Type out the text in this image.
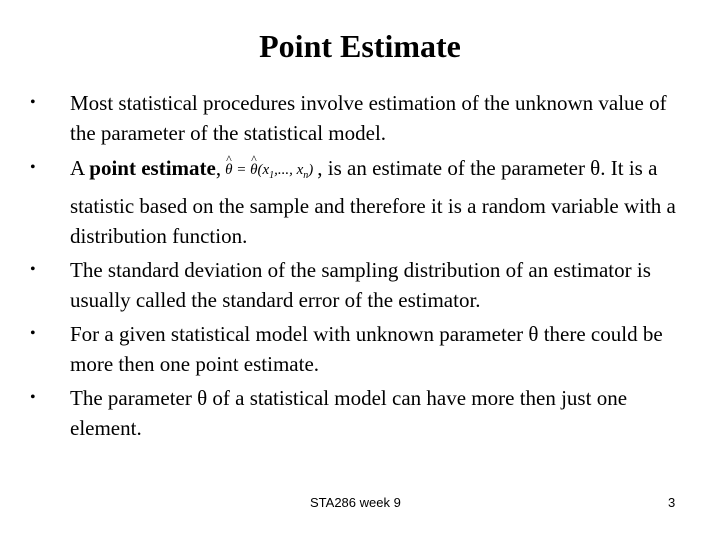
Point Estimate
• Most statistical procedures involve estimation of the unknown value of the parameter of the statistical model.
• A point estimate,^ θ = ^ $\theta(x_1$,..., $x_n$) , is an estimate of the parameter θ. It is a statistic based on the sample and therefore it is a random variable with a distribution function.
• The standard deviation of the sampling distribution of an estimator is usually called the standard error of the estimator.
• For a given statistical model with unknown parameter θ there could be more then one point estimate.
• The parameter θ of a statistical model can have more then just one element.
STA286 week 9	3
